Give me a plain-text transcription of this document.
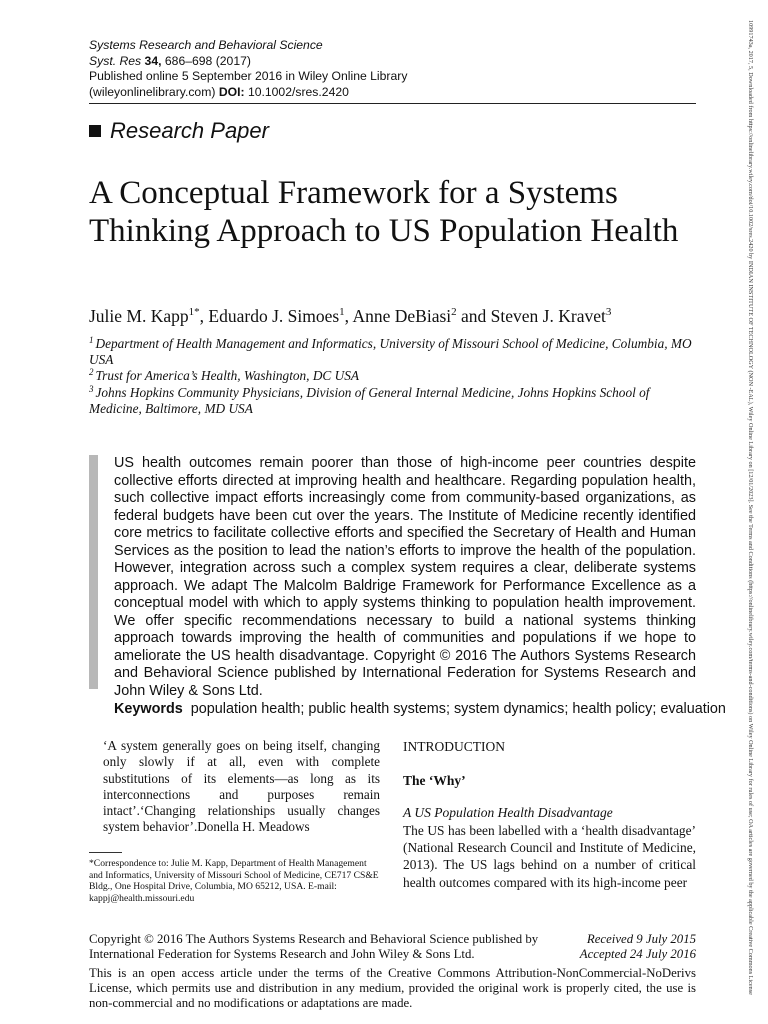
Systems Research and Behavioral Science
Syst. Res 34, 686–698 (2017)
Published online 5 September 2016 in Wiley Online Library
(wileyonlinelibrary.com) DOI: 10.1002/sres.2420
Research Paper
A Conceptual Framework for a Systems Thinking Approach to US Population Health
Julie M. Kapp$^{1*}$, Eduardo J. Simoes$^1$, Anne DeBiasi$^2$ and Steven J. Kravet$^3$
$^1$ Department of Health Management and Informatics, University of Missouri School of Medicine, Columbia, MO USA
$^2$ Trust for America’s Health, Washington, DC USA
$^3$ Johns Hopkins Community Physicians, Division of General Internal Medicine, Johns Hopkins School of Medicine, Baltimore, MD USA
US health outcomes remain poorer than those of high-income peer countries despite collective efforts directed at improving health and healthcare. Regarding population health, such collective impact efforts increasingly come from community-based organizations, as federal budgets have been cut over the years. The Institute of Medicine recently identified core metrics to facilitate collective efforts and specified the Secretary of Health and Human Services as the position to lead the nation’s efforts to improve the health of the population. However, integration across such a complex system requires a clear, deliberate systems approach. We adapt The Malcolm Baldrige Framework for Performance Excellence as a conceptual model with which to apply systems thinking to population health improvement. We offer specific recommendations necessary to build a national systems thinking approach towards improving the health of communities and populations if we hope to ameliorate the US health disadvantage. Copyright © 2016 The Authors Systems Research and Behavioral Science published by International Federation for Systems Research and John Wiley & Sons Ltd.
Keywords population health; public health systems; system dynamics; health policy; evaluation
‘A system generally goes on being itself, changing only slowly if at all, even with complete substitutions of its elements—as long as its interconnections and purposes remain intact’.‘Changing relationships usually changes system behavior’.Donella H. Meadows
*Correspondence to: Julie M. Kapp, Department of Health Management and Informatics, University of Missouri School of Medicine, CE717 CS&E Bldg., One Hospital Drive, Columbia, MO 65212, USA. E-mail: kappj@health.missouri.edu
INTRODUCTION
The ‘Why’
A US Population Health Disadvantage
The US has been labelled with a ‘health disadvantage’ (National Research Council and Institute of Medicine, 2013). The US lags behind on a number of critical health outcomes compared with its high-income peer
Copyright © 2016 The Authors Systems Research and Behavioral Science published by International Federation for Systems Research and John Wiley & Sons Ltd.
Received 9 July 2015
Accepted 24 July 2016
This is an open access article under the terms of the Creative Commons Attribution-NonCommercial-NoDerivs License, which permits use and distribution in any medium, provided the original work is properly cited, the use is non-commercial and no modifications or adaptations are made.
10991743a, 2017, 5, Downloaded from https://onlinelibrary.wiley.com/doi/10.1002/sres.2420 by INDIAN INSTITUTE OF TECHNOLOGY (NON -EAL), Wiley Online Library on [12/01/2023]. See the Terms and Conditions (https://onlinelibrary.wiley.com/terms-and-conditions) on Wiley Online Library for rules of use; OA articles are governed by the applicable Creative Commons License
